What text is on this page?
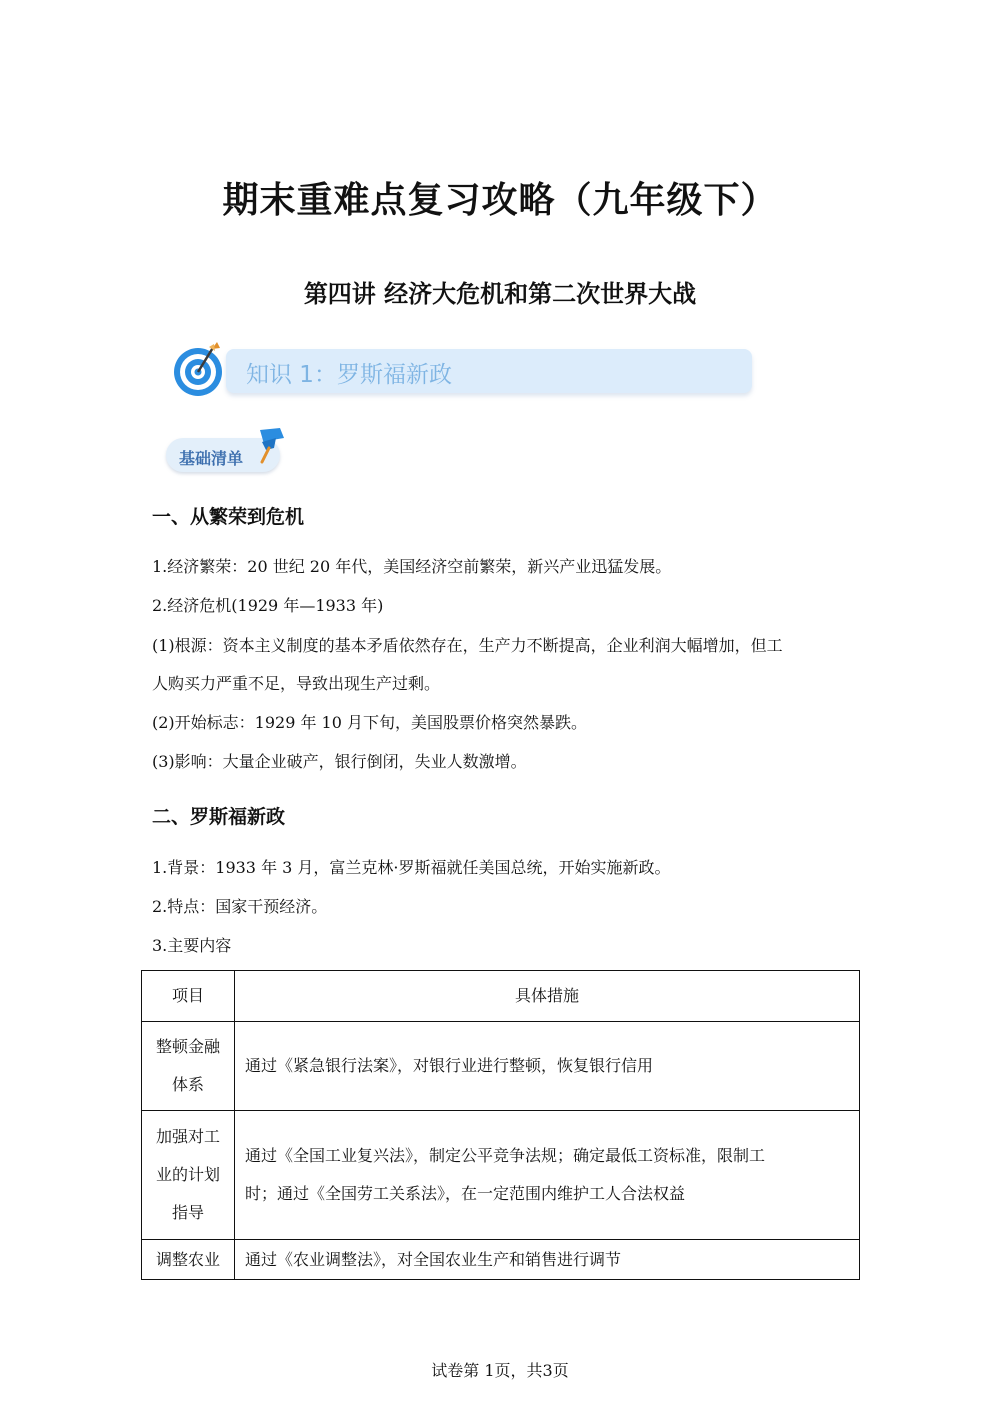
期末重难点复习攻略（九年级下）
第四讲 经济大危机和第二次世界大战
知识 1：罗斯福新政
基础清单
一、从繁荣到危机
1.经济繁荣：20 世纪 20 年代，美国经济空前繁荣，新兴产业迅猛发展。
2.经济危机(1929 年—1933 年)
(1)根源：资本主义制度的基本矛盾依然存在，生产力不断提高，企业利润大幅增加，但工
人购买力严重不足，导致出现生产过剩。
(2)开始标志：1929 年 10 月下旬，美国股票价格突然暴跌。
(3)影响：大量企业破产，银行倒闭，失业人数激增。
二、罗斯福新政
1.背景：1933 年 3 月，富兰克林·罗斯福就任美国总统，开始实施新政。
2.特点：国家干预经济。
3.主要内容
项目	具体措施
整顿金融
体系	通过《紧急银行法案》，对银行业进行整顿，恢复银行信用
加强对工
业的计划
指导	通过《全国工业复兴法》，制定公平竞争法规；确定最低工资标准，限制工
时；通过《全国劳工关系法》，在一定范围内维护工人合法权益
调整农业	通过《农业调整法》，对全国农业生产和销售进行调节
试卷第 1页，共3页
